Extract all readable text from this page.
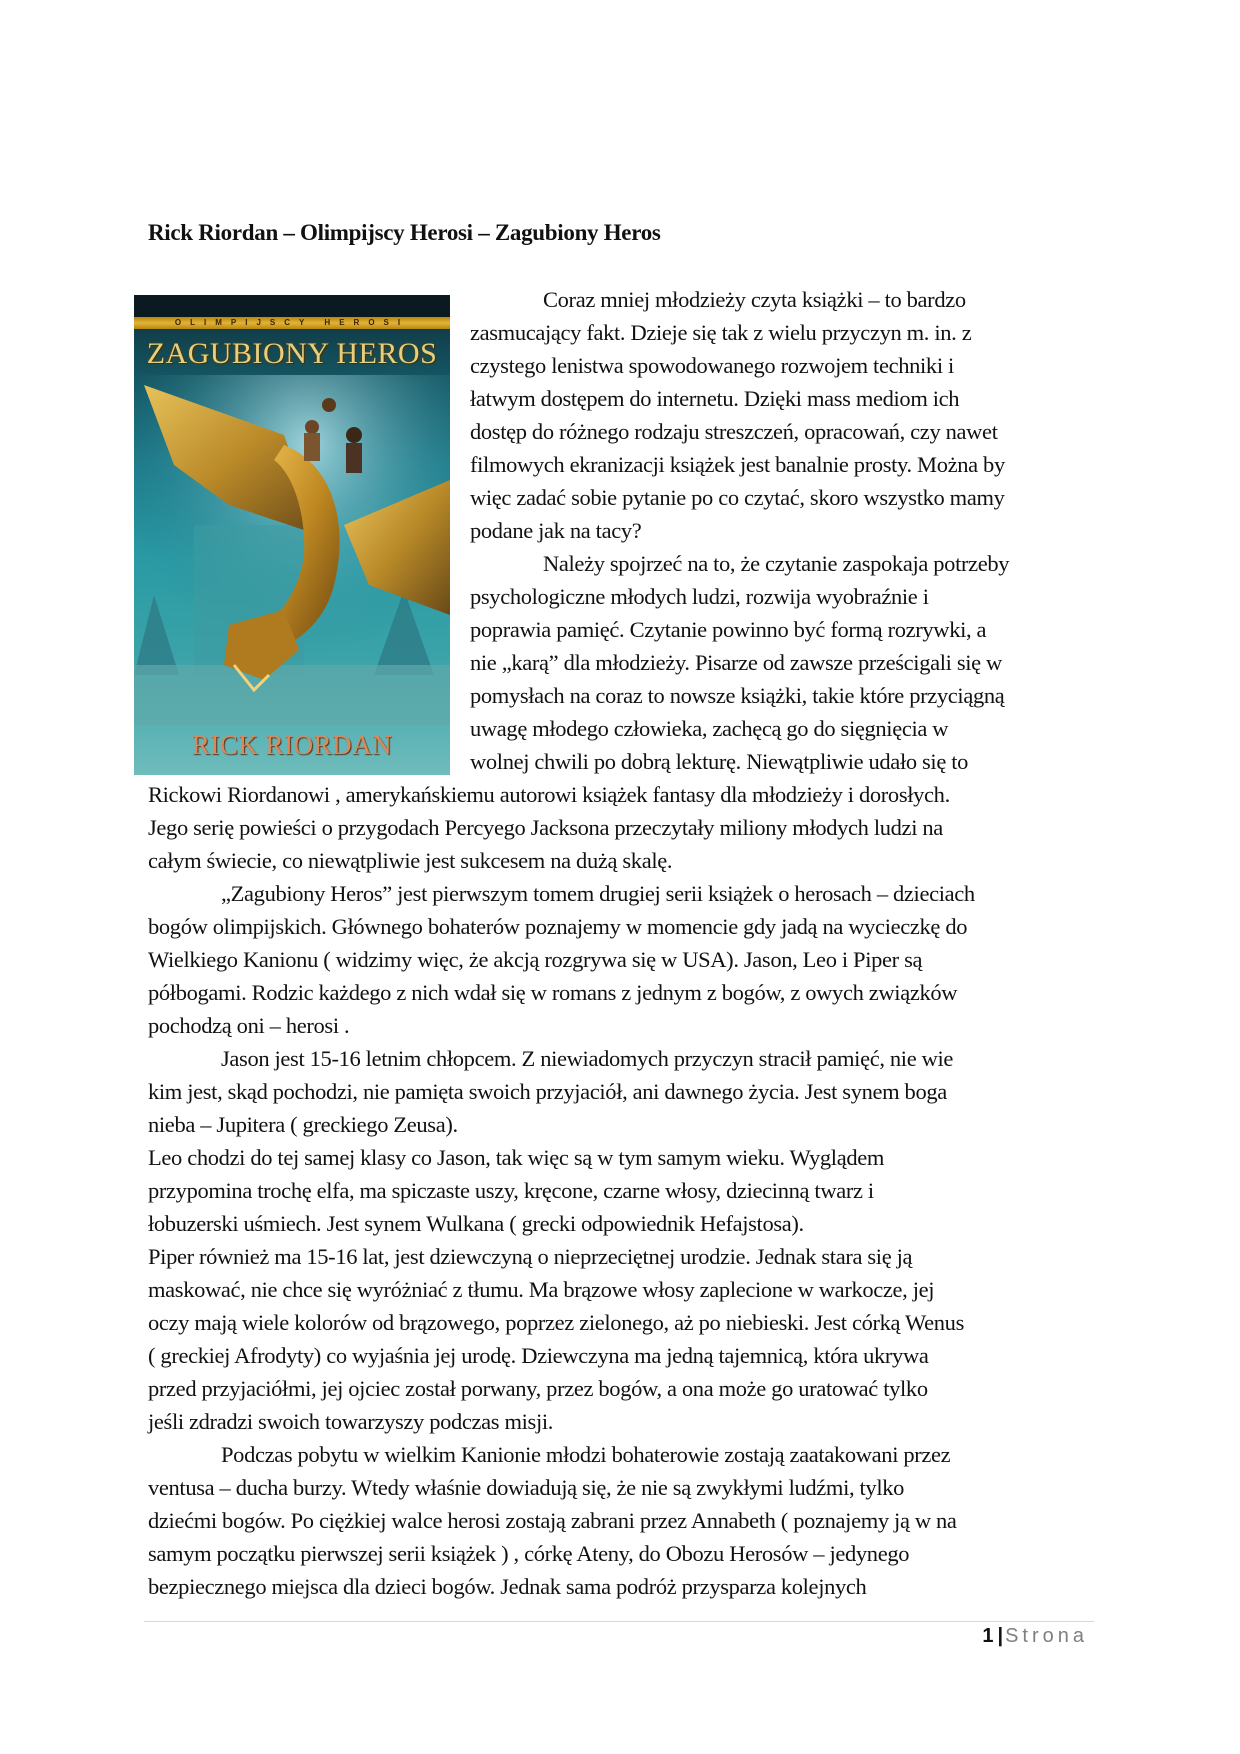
Rick Riordan – Olimpijscy Herosi – Zagubiony Heros
OLIMPIJSCY HEROSI
ZAGUBIONY HEROS
RICK RIORDAN
Coraz mniej młodzieży czyta książki – to bardzo
zasmucający fakt. Dzieje się tak z wielu przyczyn m. in. z
czystego lenistwa spowodowanego rozwojem techniki i
łatwym dostępem do internetu. Dzięki mass mediom ich
dostęp do różnego rodzaju streszczeń, opracowań, czy nawet
filmowych ekranizacji książek jest banalnie prosty. Można by
więc zadać sobie pytanie po co czytać, skoro wszystko mamy
podane jak na tacy?
Należy spojrzeć na to, że czytanie zaspokaja potrzeby
psychologiczne młodych ludzi, rozwija wyobraźnie i
poprawia pamięć. Czytanie powinno być formą rozrywki, a
nie „karą” dla młodzieży. Pisarze od zawsze prześcigali się w
pomysłach na coraz to nowsze książki, takie które przyciągną
uwagę młodego człowieka, zachęcą go do sięgnięcia w
wolnej chwili po dobrą lekturę. Niewątpliwie udało się to
Rickowi Riordanowi , amerykańskiemu autorowi książek fantasy dla młodzieży i dorosłych.
Jego serię powieści o przygodach Percyego Jacksona przeczytały miliony młodych ludzi na
całym świecie, co niewątpliwie jest sukcesem na dużą skalę.
„Zagubiony Heros” jest pierwszym tomem drugiej serii książek o herosach – dzieciach
bogów olimpijskich. Głównego bohaterów poznajemy w momencie gdy jadą na wycieczkę do
Wielkiego Kanionu ( widzimy więc, że akcją rozgrywa się w USA). Jason, Leo i Piper są
półbogami. Rodzic każdego z nich wdał się w romans z jednym z bogów, z owych związków
pochodzą oni – herosi .
Jason jest 15-16 letnim chłopcem. Z niewiadomych przyczyn stracił pamięć, nie wie
kim jest, skąd pochodzi, nie pamięta swoich przyjaciół, ani dawnego życia. Jest synem boga
nieba – Jupitera ( greckiego Zeusa).
Leo chodzi do tej samej klasy co Jason, tak więc są w tym samym wieku. Wyglądem
przypomina trochę elfa, ma spiczaste uszy, kręcone, czarne włosy, dziecinną twarz i
łobuzerski uśmiech. Jest synem Wulkana ( grecki odpowiednik Hefajstosa).
Piper również ma 15-16 lat, jest dziewczyną o nieprzeciętnej urodzie. Jednak stara się ją
maskować, nie chce się wyróżniać z tłumu. Ma brązowe włosy zaplecione w warkocze, jej
oczy mają wiele kolorów od brązowego, poprzez zielonego, aż po niebieski. Jest córką Wenus
( greckiej Afrodyty) co wyjaśnia jej urodę. Dziewczyna ma jedną tajemnicą, która ukrywa
przed przyjaciółmi, jej ojciec został porwany, przez bogów, a ona może go uratować tylko
jeśli zdradzi swoich towarzyszy podczas misji.
Podczas pobytu w wielkim Kanionie młodzi bohaterowie zostają zaatakowani przez
ventusa – ducha burzy. Wtedy właśnie dowiadują się, że nie są zwykłymi ludźmi, tylko
dziećmi bogów. Po ciężkiej walce herosi zostają zabrani przez Annabeth ( poznajemy ją w na
samym początku pierwszej serii książek ) , córkę Ateny, do Obozu Herosów – jedynego
bezpiecznego miejsca dla dzieci bogów. Jednak sama podróż przysparza kolejnych
1 | Strona
